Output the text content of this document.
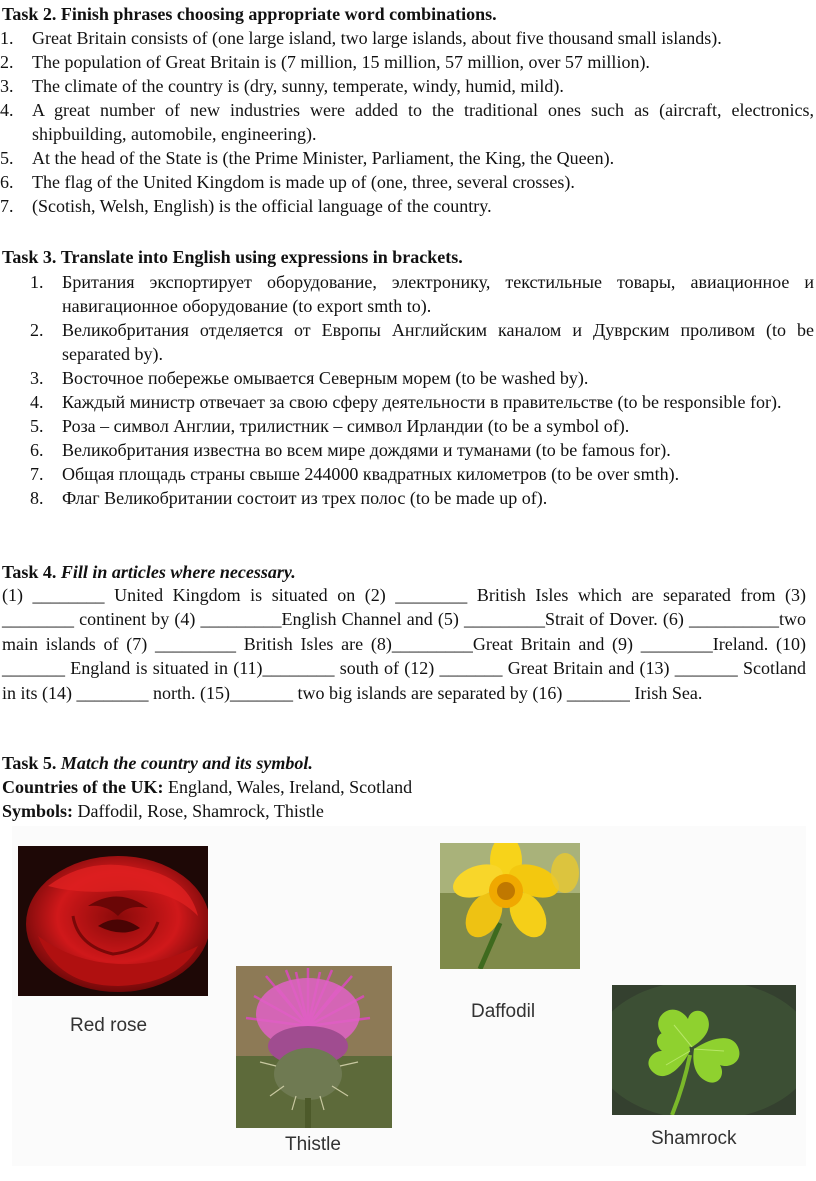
Task 2. Finish phrases choosing appropriate word combinations.
1. Great Britain consists of (one large island, two large islands, about five thousand small islands).
2. The population of Great Britain is (7 million, 15 million, 57 million, over 57 million).
3. The climate of the country is (dry, sunny, temperate, windy, humid, mild).
4. A great number of new industries were added to the traditional ones such as (aircraft, electronics, shipbuilding, automobile, engineering).
5. At the head of the State is (the Prime Minister, Parliament, the King, the Queen).
6. The flag of the United Kingdom is made up of (one, three, several crosses).
7. (Scotish, Welsh, English) is the official language of the country.
Task 3. Translate into English using expressions in brackets.
1. Британия экспортирует оборудование, электронику, текстильные товары, авиационное и навигационное оборудование (to export smth to).
2. Великобритания отделяется от Европы Английским каналом и Дуврским проливом (to be separated by).
3. Восточное побережье омывается Северным морем (to be washed by).
4. Каждый министр отвечает за свою сферу деятельности в правительстве (to be responsible for).
5. Роза – символ Англии, трилистник – символ Ирландии (to be a symbol of).
6. Великобритания известна во всем мире дождями и туманами (to be famous for).
7. Общая площадь страны свыше 244000 квадратных километров (to be over smth).
8. Флаг Великобритании состоит из трех полос (to be made up of).
Task 4. Fill in articles where necessary.
(1) ________ United Kingdom is situated on (2) ________ British Isles which are separated from (3) ________ continent by (4) _________English Channel and (5) _________Strait of Dover. (6) __________two main islands of (7) _________ British Isles are (8)_________Great Britain and (9) ________Ireland. (10) _______ England is situated in (11)________ south of (12) _______ Great Britain and (13) _______ Scotland in its (14) ________ north. (15)_______ two big islands are separated by (16) _______ Irish Sea.
Task 5. Match the country and its symbol.
Countries of the UK: England, Wales, Ireland, Scotland
Symbols: Daffodil, Rose, Shamrock, Thistle
Red rose
Daffodil
Thistle	Shamrock
